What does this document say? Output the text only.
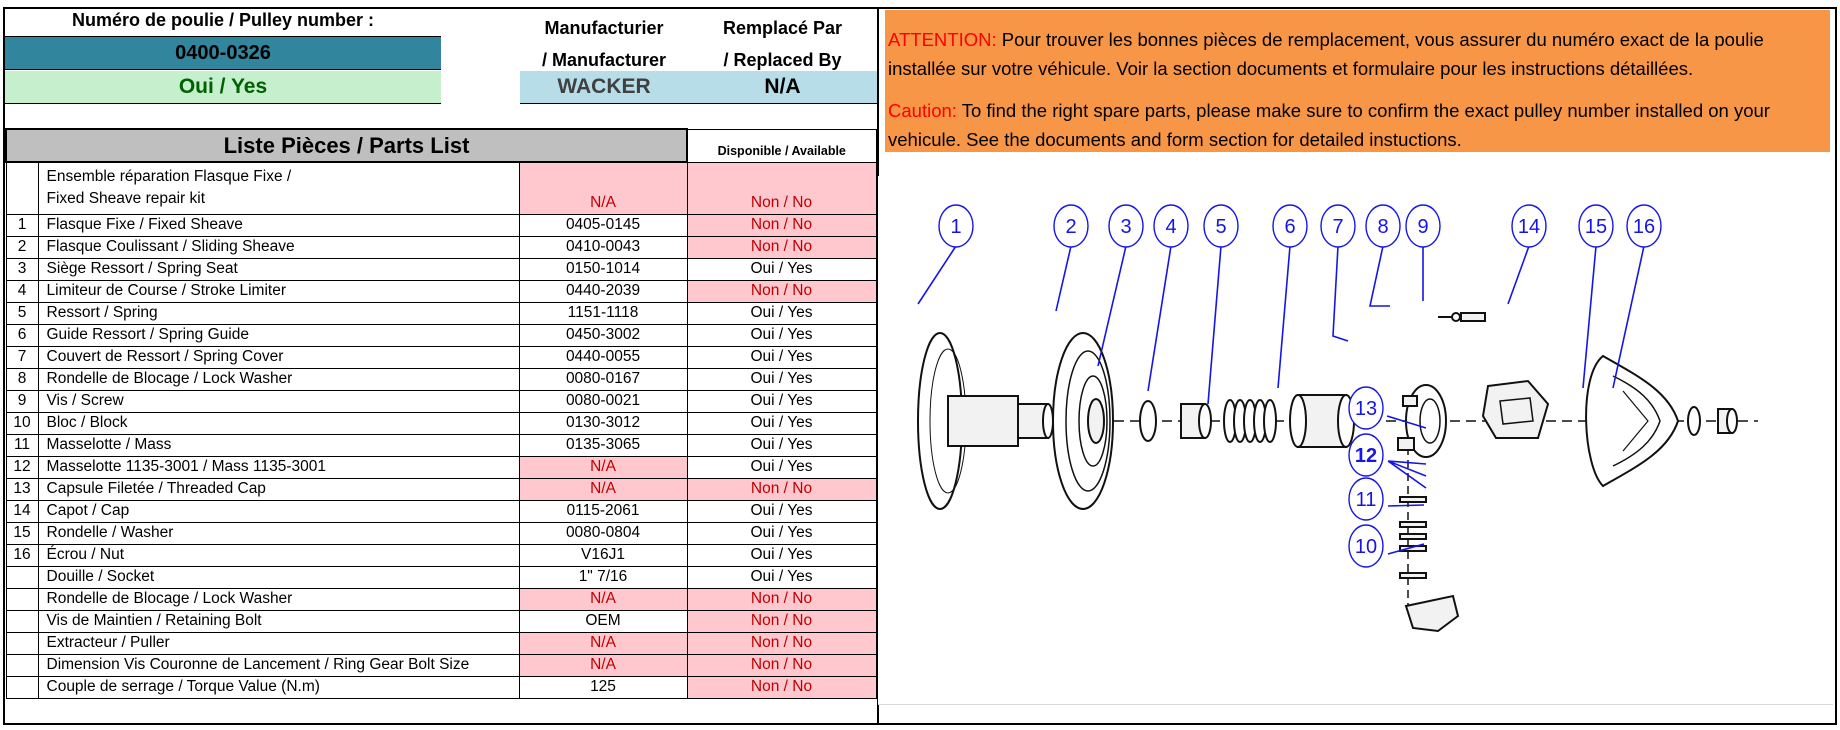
Numéro de poulie / Pulley number :
0400-0326
Oui / Yes
Manufacturier
/ Manufacturer
WACKER
Remplacé Par
/ Replaced By
N/A
Liste Pièces / Parts List			Disponible / Available

	Ensemble réparation Flasque Fixe /
Fixed Sheave repair kit	N/A	Non / No
1	Flasque Fixe / Fixed Sheave	0405-0145	Non / No
2	Flasque Coulissant / Sliding Sheave	0410-0043	Non / No
3	Siège Ressort / Spring Seat	0150-1014	Oui / Yes
4	Limiteur de Course / Stroke Limiter	0440-2039	Non / No
5	Ressort / Spring	1151-1118	Oui / Yes
6	Guide Ressort / Spring Guide	0450-3002	Oui / Yes
7	Couvert de Ressort / Spring Cover	0440-0055	Oui / Yes
8	Rondelle de Blocage / Lock Washer	0080-0167	Oui / Yes
9	Vis / Screw	0080-0021	Oui / Yes
10	Bloc / Block	0130-3012	Oui / Yes
11	Masselotte / Mass	0135-3065	Oui / Yes
12	Masselotte 1135-3001 / Mass 1135-3001	N/A	Oui / Yes
13	Capsule Filetée / Threaded Cap	N/A	Non / No
14	Capot / Cap	0115-2061	Oui / Yes
15	Rondelle / Washer	0080-0804	Oui / Yes
16	Écrou / Nut	V16J1	Oui / Yes
	Douille / Socket	1" 7/16	Oui / Yes
	Rondelle de Blocage / Lock Washer	N/A	Non / No
	Vis de Maintien / Retaining Bolt	OEM	Non / No
	Extracteur / Puller	N/A	Non / No
	Dimension Vis Couronne de Lancement / Ring Gear Bolt Size	N/A	Non / No
	Couple de serrage / Torque Value (N.m)	125	Non / No
ATTENTION: Pour trouver les bonnes pièces de remplacement, vous assurer du numéro exact de la poulie installée sur votre véhicule. Voir la section documents et formulaire pour les instructions détaillées.
Caution: To find the right spare parts, please make sure to confirm the exact pulley number installed on your vehicule. See the documents and form section for detailed instuctions.
1	2 3 4 5	6 7 8 9	14 15 16
13
12
11
10
